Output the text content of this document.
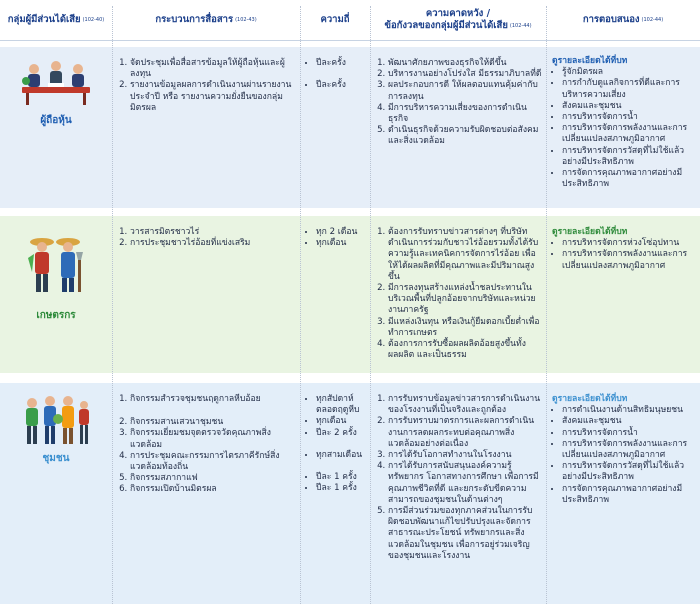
กลุ่มผู้มีส่วนได้เสีย (102-40)	กระบวนการสื่อสาร (102-43)	ความถี่
ความคาดหวัง /
ข้อกังวลของกลุ่มผู้มีส่วนได้เสีย $^{(102-44)}$
การตอบสนอง (102-44)
ผู้ถือหุ้น
1. จัดประชุมเพื่อสื่อสารข้อมูลให้ผู้ถือหุ้นและผู้ลงทุน
2. รายงานข้อมูลผลการดำเนินงานผ่านรายงานประจำปี หรือ รายงานความยั่งยืนของกลุ่มมิตรผล
• ปีละครั้ง
• ปีละครั้ง
1. พัฒนาศักยภาพของธุรกิจให้ดีขึ้น
2. บริหารงานอย่างโปร่งใส มีธรรมาภิบาลที่ดี
3. ผลประกอบการดี ให้ผลตอบแทนคุ้มค่ากับการลงทุน
4. มีการบริหารความเสี่ยงของการดำเนินธุรกิจ
5. ดำเนินธุรกิจด้วยความรับผิดชอบต่อสังคมและสิ่งแวดล้อม
ดูรายละเอียดได้ที่บท
• รู้จักมิตรผล
• การกำกับดูแลกิจการที่ดีและการบริหารความเสี่ยง
• สังคมและชุมชน
• การบริหารจัดการน้ำ
• การบริหารจัดการพลังงานและการเปลี่ยนแปลงสภาพภูมิอากาศ
• การบริหารจัดการวัสดุที่ไม่ใช้แล้วอย่างมีประสิทธิภาพ
• การจัดการคุณภาพอากาศอย่างมีประสิทธิภาพ
เกษตรกร
1. วารสารมิตรชาวไร่
2. การประชุมชาวไร่อ้อยที่แข่งเสริม
• ทุก 2 เดือน
• ทุกเดือน
1. ต้องการรับทราบข่าวสารต่างๆ ที่บริษัทดำเนินการร่วมกับชาวไร่อ้อยรวมทั้งได้รับความรู้และเทคนิคการจัดการไร่อ้อย เพื่อให้ได้ผลผลิตที่มีคุณภาพและมีปริมาณสูงขึ้น
2. มีการลงทุนสร้างแหล่งน้ำชลประทานในบริเวณพื้นที่ปลูกอ้อยจากบริษัทและหน่วยงานภาครัฐ
3. มีแหล่งเงินทุน หรือเงินกู้ยืมดอกเบี้ยต่ำเพื่อทำการเกษตร
4. ต้องการการรับซื้อผลผลิตอ้อยสูงขึ้นทั้งผลผลิต และเป็นธรรม
ดูรายละเอียดได้ที่บท
• การบริหารจัดการห่วงโซ่อุปทาน
• การบริหารจัดการพลังงานและการเปลี่ยนแปลงสภาพภูมิอากาศ
ชุมชน
1. กิจกรรมสำรวจชุมชนฤดูกาลหีบอ้อย
2. กิจกรรมสานเสวนาชุมชน
3. กิจกรรมเยี่ยมชมจุดตรวจวัดคุณภาพสิ่งแวดล้อม
4. การประชุมคณะกรรมการไตรภาคีรักษ์สิ่งแวดล้อมท้องถิ่น
5. กิจกรรมสภากาแฟ
6. กิจกรรมเปิดบ้านมิตรผล
• ทุกสัปดาห์ตลอดฤดูหีบ
• ทุกเดือน
• ปีละ 2 ครั้ง
• ทุกสามเดือน
• ปีละ 1 ครั้ง
• ปีละ 1 ครั้ง
1. การรับทราบข้อมูลข่าวสารการดำเนินงานของโรงงานที่เป็นจริงและถูกต้อง
2. การรับทราบมาตรการและผลการดำเนินงานการลดผลกระทบต่อคุณภาพสิ่งแวดล้อมอย่างต่อเนื่อง
3. การได้รับโอกาสทำงานในโรงงาน
4. การได้รับการสนับสนุนองค์ความรู้ ทรัพยากร โอกาสทางการศึกษา เพื่อการมีคุณภาพชีวิตที่ดี และยกระดับขีดความสามารถของชุมชนในด้านต่างๆ
5. การมีส่วนร่วมของทุกภาคส่วนในการรับผิดชอบพัฒนาแก้ไขปรับปรุงและจัดการสาธารณะประโยชน์ ทรัพยากรและสิ่งแวดล้อมในชุมชน เพื่อการอยู่ร่วมเจริญของชุมชนและโรงงาน
ดูรายละเอียดได้ที่บท
• การดำเนินงานด้านสิทธิมนุษยชน
• สังคมและชุมชน
• การบริหารจัดการน้ำ
• การบริหารจัดการพลังงานและการเปลี่ยนแปลงสภาพภูมิอากาศ
• การบริหารจัดการวัสดุที่ไม่ใช้แล้วอย่างมีประสิทธิภาพ
• การจัดการคุณภาพอากาศอย่างมีประสิทธิภาพ
